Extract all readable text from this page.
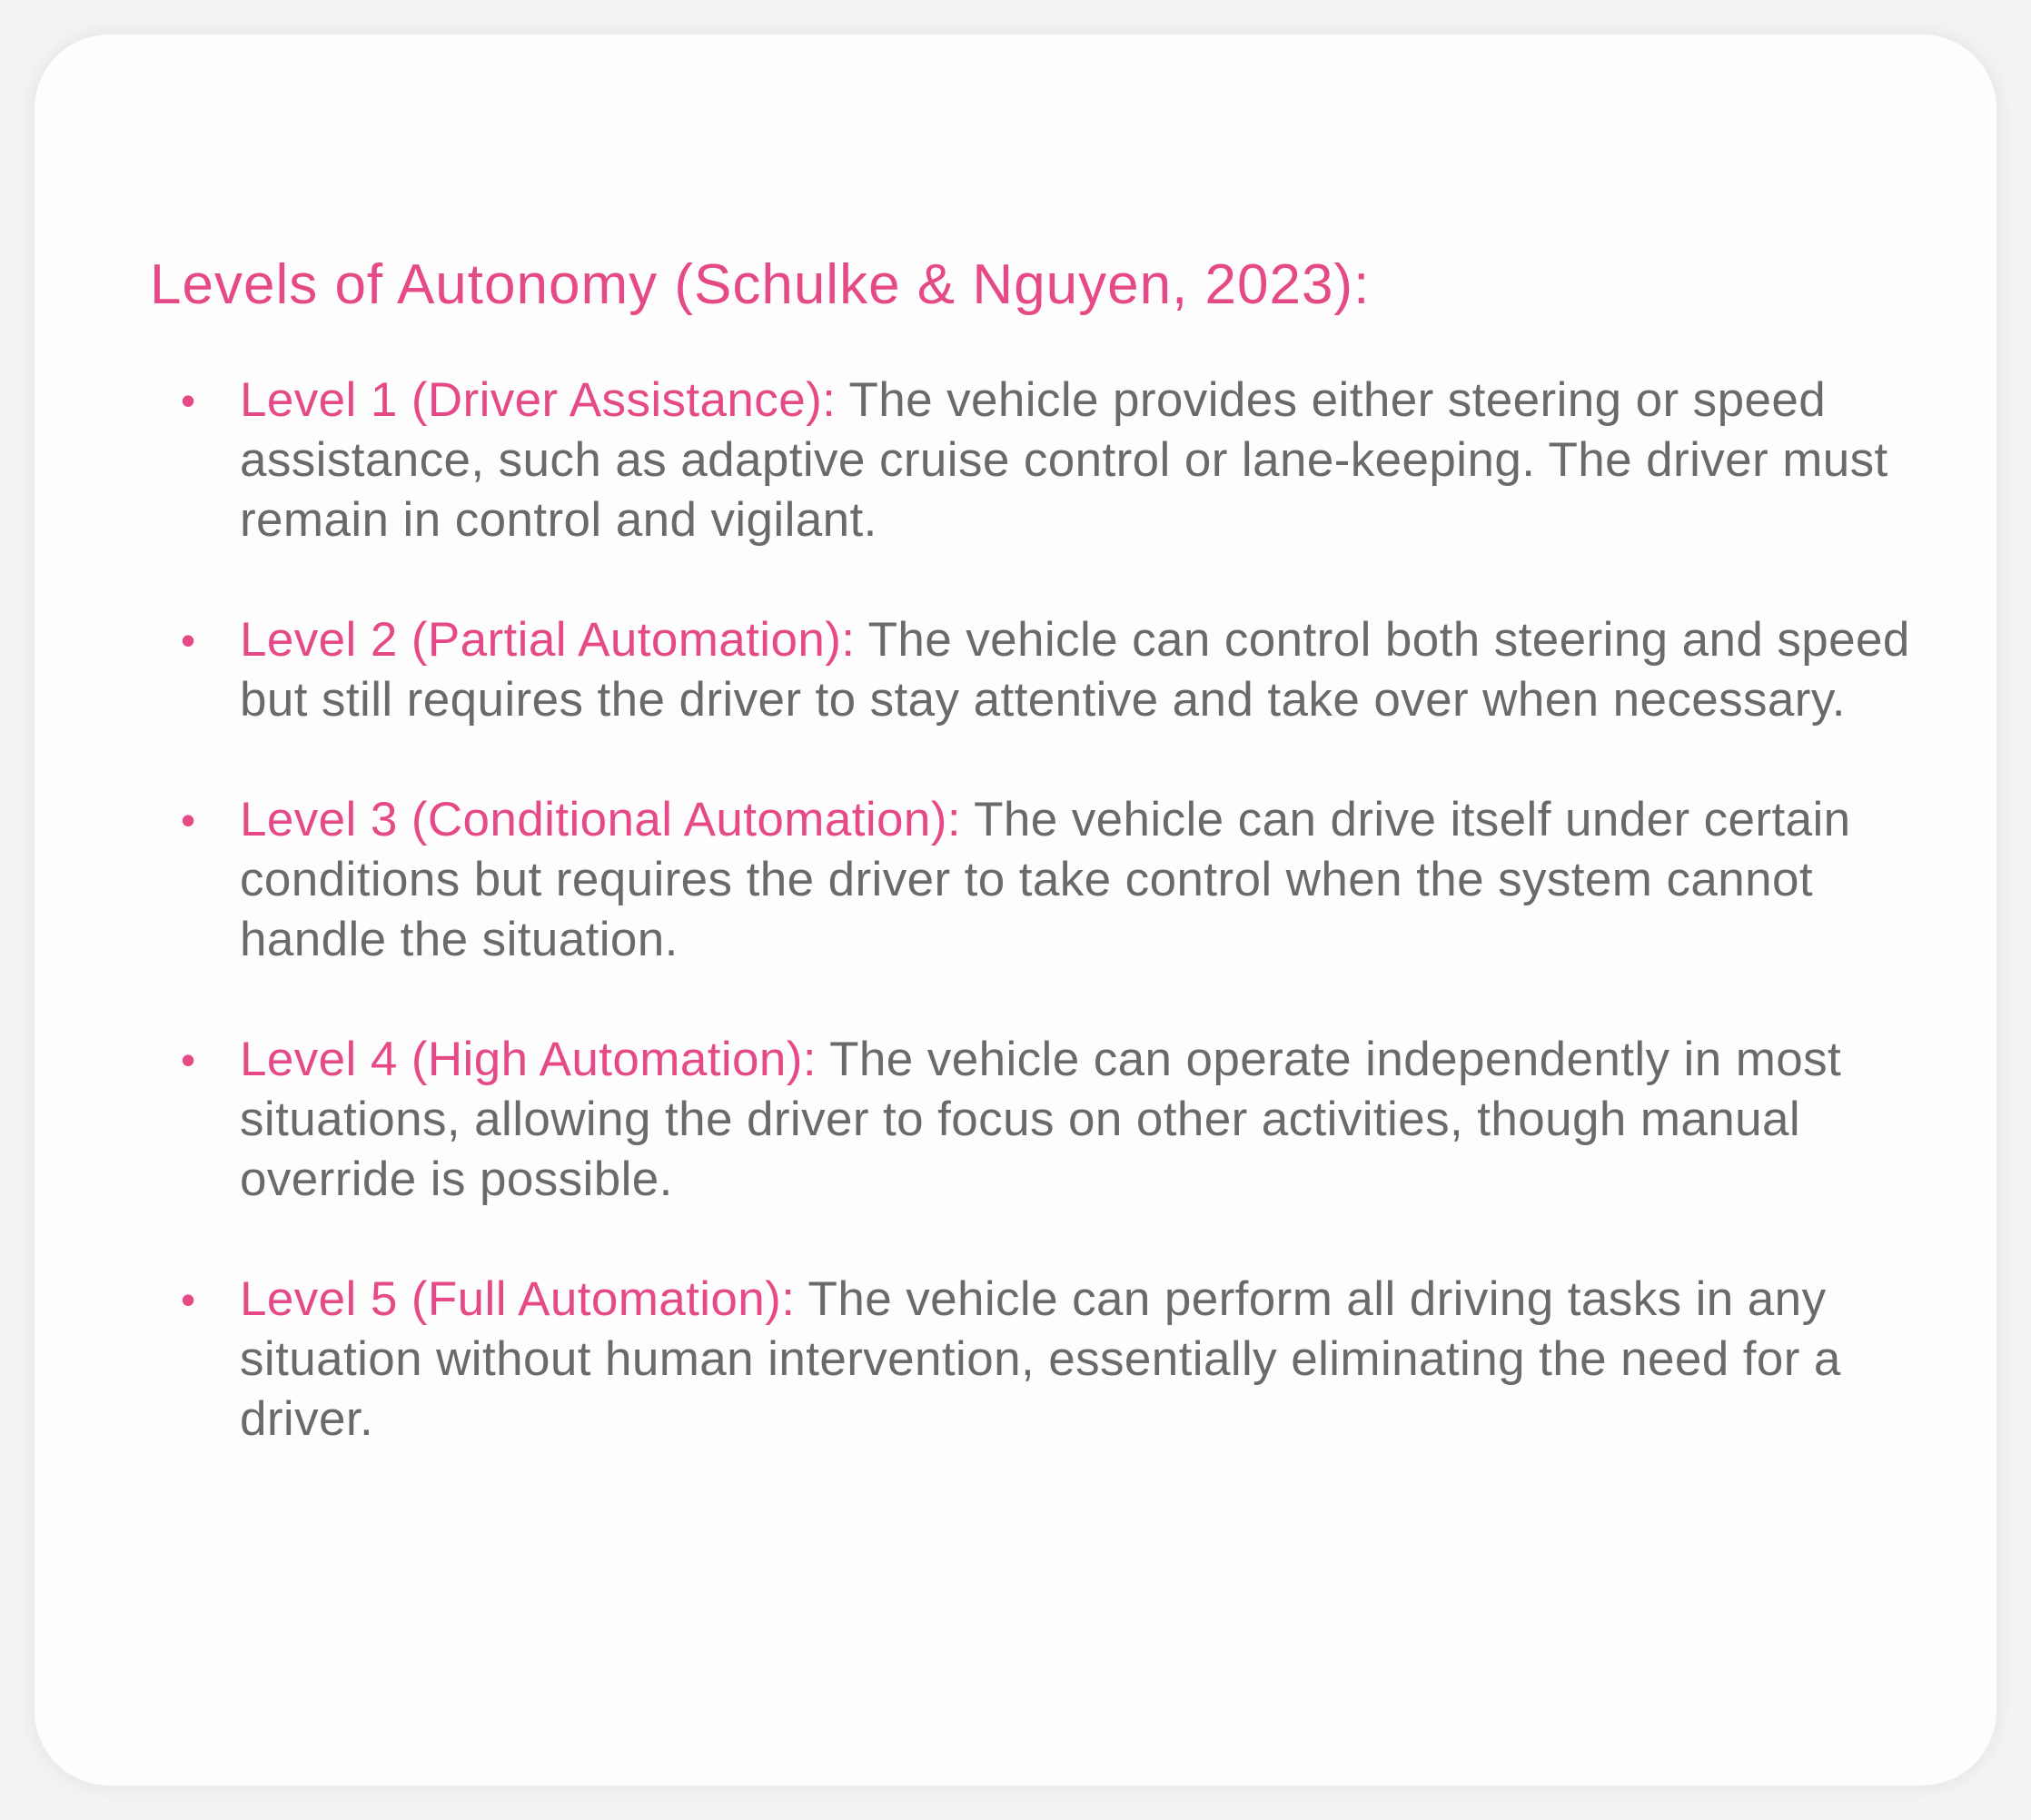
Levels of Autonomy (Schulke & Nguyen, 2023):
• Level 1 (Driver Assistance): The vehicle provides either steering or speed assistance, such as adaptive cruise control or lane-keeping. The driver must remain in control and vigilant.
• Level 2 (Partial Automation): The vehicle can control both steering and speed but still requires the driver to stay attentive and take over when necessary.
• Level 3 (Conditional Automation): The vehicle can drive itself under certain conditions but requires the driver to take control when the system cannot handle the situation.
• Level 4 (High Automation): The vehicle can operate independently in most situations, allowing the driver to focus on other activities, though manual override is possible.
• Level 5 (Full Automation): The vehicle can perform all driving tasks in any situation without human intervention, essentially eliminating the need for a driver.
